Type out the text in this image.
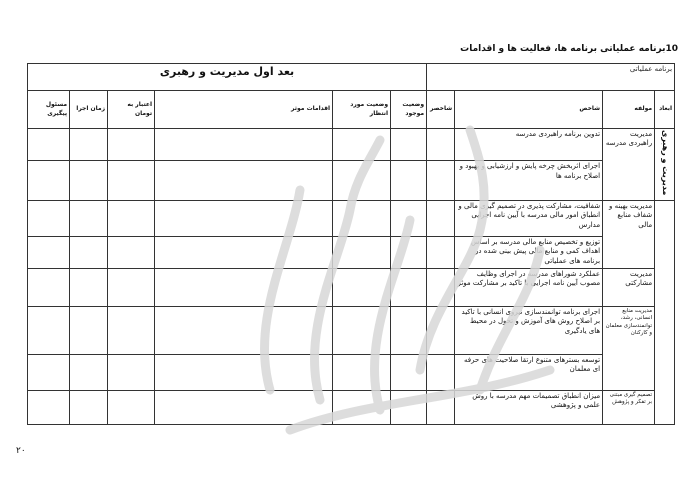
10برنامه عملیاتی برنامه ها، فعالیت ها و اقدامات
برنامه عملیاتی				بعد اول مدیریت و رهبری					
ابعاد	مولفه	شاخص	شاخصر	وضعیت موجود	وضعیت مورد انتظار	اقدامات موثر	اعتبار به تومان	زمان اجرا	مسئول پیگیری
مدیریت و رهبری	مدیریت راهبردی مدرسه	تدوین برنامه راهبردی مدرسه							
		اجرای اثربخش چرخه پایش و ارزشیابی و بهبود و اصلاح برنامه ها							
	مدیریت بهینه و شفاف منابع مالی	شفافیت، مشارکت پذیری در تصمیم گیری مالی و انطباق امور مالی مدرسه با آیین نامه اجرایی مدارس							
		توزیع و تخصیص منابع مالی مدرسه بر اساس اهداف کمی و منابع مالی پیش بینی شده در برنامه های عملیاتی							
	مدیریت مشارکتی	عملکرد شوراهای مدرسه در اجرای وظایف مصوب آیین نامه اجرایی با تاکید بر مشارکت موثر							
	مدیریت منابع انسانی، رشد، توانمندسازی معلمان و کارکنان	اجرای برنامه توانمندسازی نیروی انسانی با تاکید بر اصلاح روش های آموزش و تحول در محیط های یادگیری							
		توسعه بسترهای متنوع ارتقا صلاحیت های حرفه ای معلمان							
	تصمیم گیری مبتنی بر تفکر و پژوهش	میزان انطباق تصمیمات مهم مدرسه با روش علمی و پژوهشی							
۲۰
